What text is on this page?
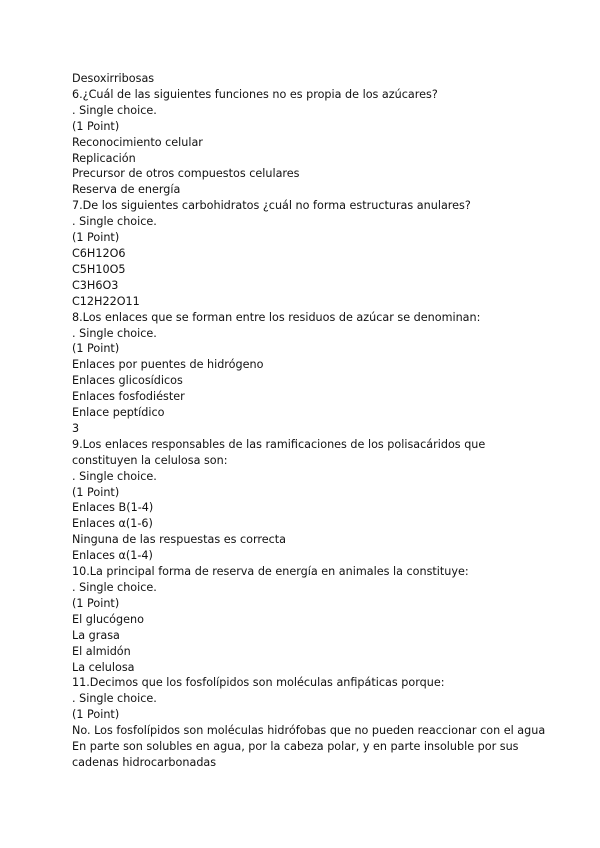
Desoxirribosas
6.¿Cuál de las siguientes funciones no es propia de los azúcares?
. Single choice.
(1 Point)
Reconocimiento celular
Replicación
Precursor de otros compuestos celulares
Reserva de energía
7.De los siguientes carbohidratos ¿cuál no forma estructuras anulares?
. Single choice.
(1 Point)
C6H12O6
C5H10O5
C3H6O3
C12H22O11
8.Los enlaces que se forman entre los residuos de azúcar se denominan:
. Single choice.
(1 Point)
Enlaces por puentes de hidrógeno
Enlaces glicosídicos
Enlaces fosfodiéster
Enlace peptídico
3
9.Los enlaces responsables de las ramificaciones de los polisacáridos que
constituyen la celulosa son:
. Single choice.
(1 Point)
Enlaces B(1-4)
Enlaces α(1-6)
Ninguna de las respuestas es correcta
Enlaces α(1-4)
10.La principal forma de reserva de energía en animales la constituye:
. Single choice.
(1 Point)
El glucógeno
La grasa
El almidón
La celulosa
11.Decimos que los fosfolípidos son moléculas anfipáticas porque:
. Single choice.
(1 Point)
No. Los fosfolípidos son moléculas hidrófobas que no pueden reaccionar con el agua
En parte son solubles en agua, por la cabeza polar, y en parte insoluble por sus
cadenas hidrocarbonadas
